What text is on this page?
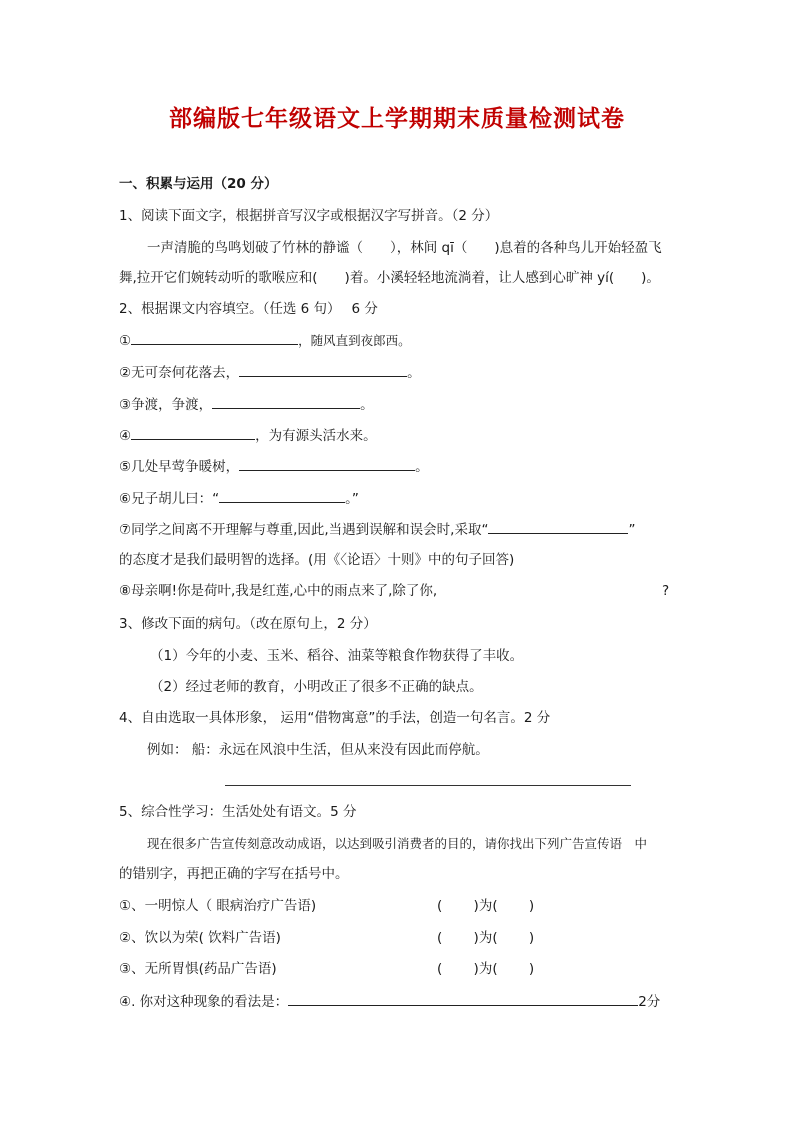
部编版七年级语文上学期期末质量检测试卷
一、积累与运用（20 分）
1、阅读下面文字，根据拼音写汉字或根据汉字写拼音。（2 分）
一声清脆的鸟鸣划破了竹林的静谧（　　），林间 qī（　　)息着的各种鸟儿开始轻盈飞
舞,拉开它们婉转动听的歌喉应和(　　)着。小溪轻轻地流淌着，让人感到心旷神 yí(　　)。
2、根据课文内容填空。（任选 6 句）　 6 分
①	，随风直到夜郎西。
②无可奈何花落去，	。
③争渡，争渡，	。
④	，为有源头活水来。
⑤几处早莺争暖树，	。
⑥兄子胡儿曰：“	。”
⑦同学之间离不开理解与尊重,因此,当遇到误解和误会时,采取“	”
的态度才是我们最明智的选择。(用《〈论语〉十则》中的句子回答)
⑧母亲啊!你是荷叶,我是红莲,心中的雨点来了,除了你,	?
3、修改下面的病句。（改在原句上，2 分）
（1）今年的小麦、玉米、稻谷、油菜等粮食作物获得了丰收。
（2）经过老师的教育，小明改正了很多不正确的缺点。
4、自由选取一具体形象， 运用“借物寓意”的手法，创造一句名言。2 分
例如： 船：永远在风浪中生活，但从来没有因此而停航。
5、综合性学习：生活处处有语文。5 分
现在很多广告宣传刻意改动成语，以达到吸引消费者的目的，请你找出下列广告宣传语　中
的错别字，再把正确的字写在括号中。
①、一明惊人（ 眼病治疗广告语)	(　　 )为(　　 )
②、饮以为荣( 饮料广告语)	(　　 )为(　　 )
③、无所胃惧(药品广告语)	(　　 )为(　　 )
④. 你对这种现象的看法是：	2分
